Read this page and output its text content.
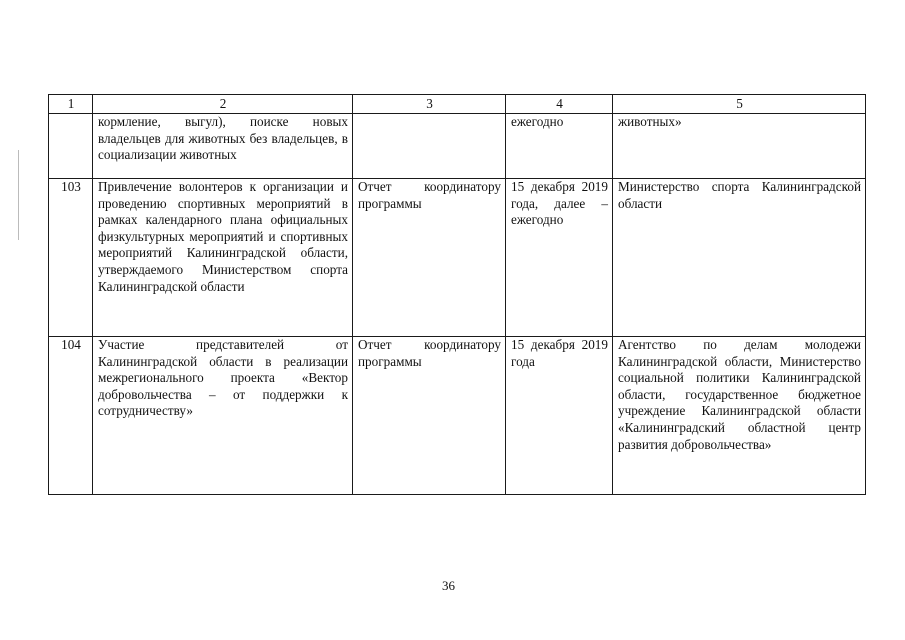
1	2	3	4	5
	кормление, выгул), поиске новых владельцев для животных без владельцев, в социализации животных		ежегодно	животных»
103	Привлечение волонтеров к организации и проведению спортивных мероприятий в рамках календарного плана официальных физкультурных мероприятий и спортивных мероприятий Калининградской области, утверждаемого Министерством спорта Калининградской области	Отчет координатору программы	15 декабря 2019 года, далее – ежегодно	Министерство спорта Калининградской области
104	Участие представителей от Калининградской области в реализации межрегионального проекта «Вектор добровольчества – от поддержки к сотрудничеству»	Отчет координатору программы	15 декабря 2019 года	Агентство по делам молодежи Калининградской области, Министерство социальной политики Калининградской области, государственное бюджетное учреждение Калининградской области «Калининградский областной центр развития добровольчества»
36
